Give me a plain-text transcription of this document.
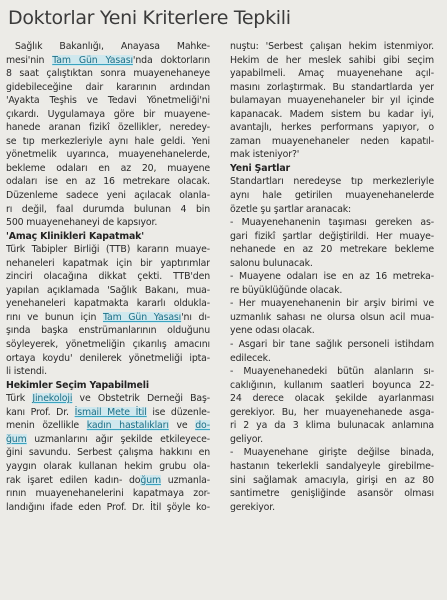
Doktorlar Yeni Kriterlere Tepkili
Sağlık Bakanlığı, Anayasa Mahke-
mesi'nin Tam Gün Yasası'nda doktorların
8 saat çalıştıktan sonra muayenehaneye
gidebileceğine dair kararının ardından
'Ayakta Teşhis ve Tedavi Yönetmeliği'ni
çıkardı. Uygulamaya göre bir muayene-
hanede aranan fizikî özellikler, neredey-
se tıp merkezleriyle aynı hale geldi. Yeni
yönetmelik uyarınca, muayenehanelerde,
bekleme odaları en az 20, muayene
odaları ise en az 16 metrekare olacak.
Düzenleme sadece yeni açılacak olanla-
rı değil, faal durumda bulunan 4 bin
500 muayenehaneyi de kapsıyor.
'Amaç Klinikleri Kapatmak'
Türk Tabipler Birliği (TTB) kararın muaye-
nehaneleri kapatmak için bir yaptırımlar
zinciri olacağına dikkat çekti. TTB'den
yapılan açıklamada 'Sağlık Bakanı, mua-
yenehaneleri kapatmakta kararlı oldukla-
rını ve bunun için Tam Gün Yasası'nı dı-
şında başka enstrümanlarının olduğunu
söyleyerek, yönetmeliğin çıkarılış amacını
ortaya koydu' denilerek yönetmeliği ipta-
li istendi.
Hekimler Seçim Yapabilmeli
Türk Jinekoloji ve Obstetrik Derneği Baş-
kanı Prof. Dr. İsmail Mete İtil ise düzenle-
menin özellikle kadın hastalıkları ve do-
ğum uzmanlarını ağır şekilde etkileyece-
ğini savundu. Serbest çalışma hakkını en
yaygın olarak kullanan hekim grubu ola-
rak işaret edilen kadın- doğum uzmanla-
rının muayenehanelerini kapatmaya zor-
landığını ifade eden Prof. Dr. İtil şöyle ko-
nuştu: 'Serbest çalışan hekim istenmiyor.
Hekim de her meslek sahibi gibi seçim
yapabilmeli. Amaç muayenehane açıl-
masını zorlaştırmak. Bu standartlarda yer
bulamayan muayenehaneler bir yıl içinde
kapanacak. Madem sistem bu kadar iyi,
avantajlı, herkes performans yapıyor, o
zaman muayenehaneler neden kapatıl-
mak isteniyor?'
Yeni Şartlar
Standartları neredeyse tıp merkezleriyle
aynı hale getirilen muayenehanelerde
özetle şu şartlar aranacak:
- Muayenehanenin taşıması gereken as-
gari fizikî şartlar değiştirildi. Her muaye-
nehanede en az 20 metrekare bekleme
salonu bulunacak.
- Muayene odaları ise en az 16 metreka-
re büyüklüğünde olacak.
- Her muayenehanenin bir arşiv birimi ve
uzmanlık sahası ne olursa olsun acil mua-
yene odası olacak.
- Asgari bir tane sağlık personeli istihdam
edilecek.
- Muayenehanedeki bütün alanların sı-
caklığının, kullanım saatleri boyunca 22-
24 derece olacak şekilde ayarlanması
gerekiyor. Bu, her muayenehanede asga-
ri 2 ya da 3 klima bulunacak anlamına
geliyor.
- Muayenehane girişte değilse binada,
hastanın tekerlekli sandalyeyle girebilme-
sini sağlamak amacıyla, girişi en az 80
santimetre genişliğinde asansör olması
gerekiyor.
